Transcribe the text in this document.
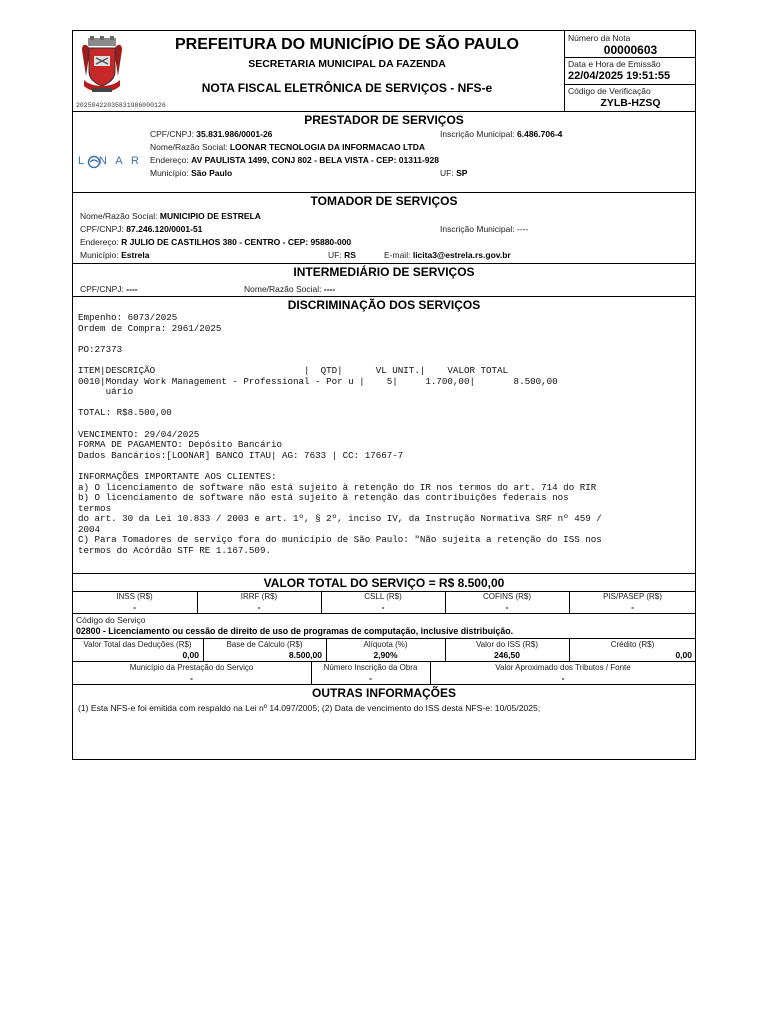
20250422035831986000126
PREFEITURA DO MUNICÍPIO DE SÃO PAULO
SECRETARIA MUNICIPAL DA FAZENDA
NOTA FISCAL ELETRÔNICA DE SERVIÇOS - NFS-e
Número da Nota
00000603
Data e Hora de Emissão
22/04/2025 19:51:55
Código de Verificação
ZYLB-HZSQ
PRESTADOR DE SERVIÇOS
L  N A R
CPF/CNPJ: 35.831.986/0001-26	Inscrição Municipal: 6.486.706-4
Nome/Razão Social: LOONAR TECNOLOGIA DA INFORMACAO LTDA
Endereço: AV PAULISTA 1499, CONJ 802 - BELA VISTA - CEP: 01311-928
Município: São Paulo	UF: SP
TOMADOR DE SERVIÇOS
Nome/Razão Social: MUNICIPIO DE ESTRELA
CPF/CNPJ: 87.246.120/0001-51	Inscrição Municipal: ----
Endereço: R JULIO DE CASTILHOS 380 - CENTRO - CEP: 95880-000
Município: Estrela	UF: RS	E-mail: licita3@estrela.rs.gov.br
INTERMEDIÁRIO DE SERVIÇOS
CPF/CNPJ: ----	Nome/Razão Social: ----
DISCRIMINAÇÃO DOS SERVIÇOS
Empenho: 6073/2025
Ordem de Compra: 2961/2025

PO:27373

ITEM|DESCRIÇÃO                           |  QTD|      VL UNIT.|    VALOR TOTAL
0010|Monday Work Management - Professional - Por u |    5|     1.700,00|       8.500,00
uário

TOTAL: R$8.500,00

VENCIMENTO: 29/04/2025
FORMA DE PAGAMENTO: Depósito Bancário
Dados Bancários:[LOONAR] BANCO ITAU| AG: 7633 | CC: 17667-7

INFORMAÇÕES IMPORTANTE AOS CLIENTES:
a) O licenciamento de software não está sujeito à retenção do IR nos termos do art. 714 do RIR
b) O licenciamento de software não está sujeito à retenção das contribuições federais nos
termos
do art. 30 da Lei 10.833 / 2003 e art. 1º, § 2º, inciso IV, da Instrução Normativa SRF nº 459 /
2004
C) Para Tomadores de serviço fora do município de São Paulo: "Não sujeita a retenção do ISS nos
termos do Acórdão STF RE 1.167.509.
VALOR TOTAL DO SERVIÇO = R$ 8.500,00
INSS (R$)
-
IRRF (R$)
-
CSLL (R$)
-
COFINS (R$)
-
PIS/PASEP (R$)
-
Código do Serviço
02800 - Licenciamento ou cessão de direito de uso de programas de computação, inclusive distribuição.
Valor Total das Deduções (R$)
0,00
Base de Cálculo (R$)
8.500,00
Alíquota (%)
2,90%
Valor do ISS (R$)
246,50
Crédito (R$)
0,00
Município da Prestação do Serviço
-
Número Inscrição da Obra
-
Valor Aproximado dos Tributos / Fonte
-
OUTRAS INFORMAÇÕES
(1) Esta NFS-e foi emitida com respaldo na Lei nº 14.097/2005; (2) Data de vencimento do ISS desta NFS-e: 10/05/2025;
